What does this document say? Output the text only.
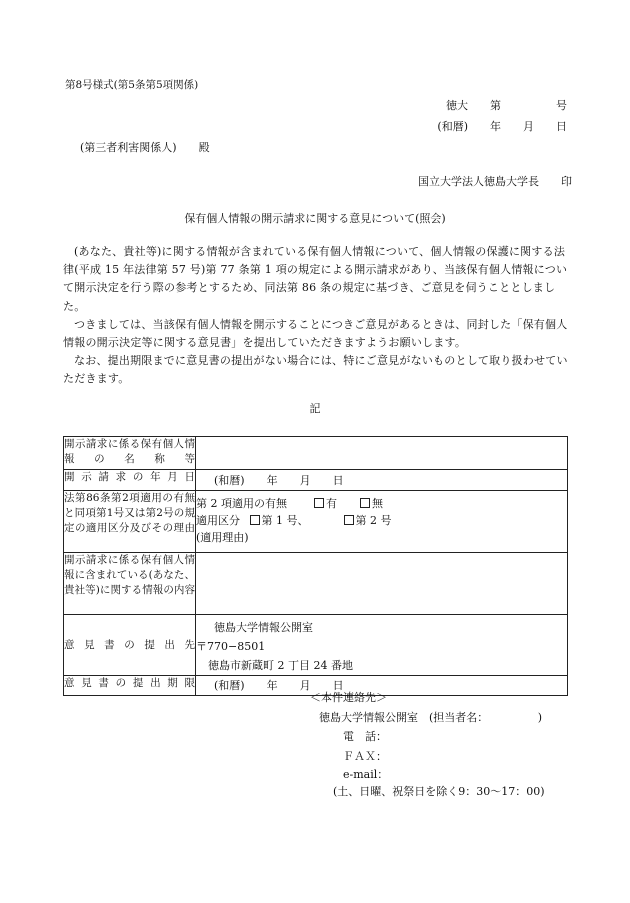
第8号様式(第5条第5項関係)
徳大　　第　　　　　号
(和暦)　　年　　月　　日
(第三者利害関係人)　　殿
国立大学法人徳島大学長　　印
保有個人情報の開示請求に関する意見について(照会)

(あなた、貴社等)に関する情報が含まれている保有個人情報について、個人情報の保護に関する法律(平成 15 年法律第 57 号)第 77 条第 1 項の規定による開示請求があり、当該保有個人情報について開示決定を行う際の参考とするため、同法第 86 条の規定に基づき、ご意見を伺うこととしました。

つきましては、当該保有個人情報を開示することにつきご意見があるときは、同封した「保有個人情報の開示決定等に関する意見書」を提出していただきますようお願いします。

なお、提出期限までに意見書の提出がない場合には、特にご意見がないものとして取り扱わせていただきます。

記
開示請求に係る保有個人情報の名称等	
開示請求の年月日	(和暦)　　年　　月　　日
法第86条第2項適用の有無と同項第1号又は第2号の規定の適用区分及びその理由	第 2 項適用の有無 有 無
適用区分 第 1 号、 第 2 号
(適用理由)

開示請求に係る保有個人情報に含まれている(あなた、貴社等)に関する情報の内容	
意見書の提出先	徳島大学情報公開室
〒770−8501
徳島市新蔵町 2 丁目 24 番地

意見書の提出期限	(和暦)　　年　　月　　日
＜本件連絡先＞
徳島大学情報公開室　(担当者名：　　　　　)
電　話：
ＦＡＸ：
e-mail：
(土、日曜、祝祭日を除く9：30〜17：00)
